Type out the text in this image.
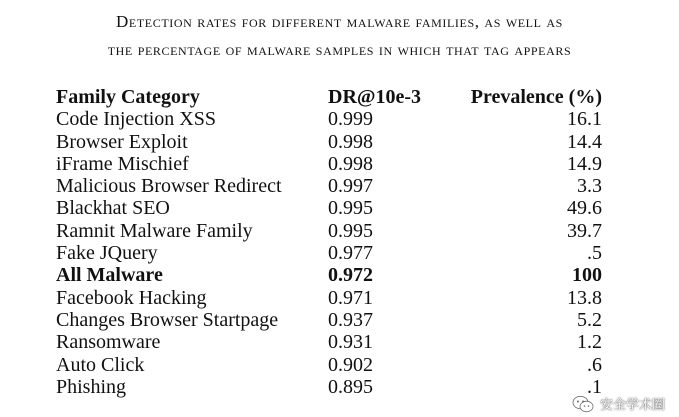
Detection rates for different malware families, as well as
the percentage of malware samples in which that tag appears
Family Category	DR@10e-3	Prevalence (%)
Code Injection XSS	0.999	16.1
Browser Exploit	0.998	14.4
iFrame Mischief	0.998	14.9
Malicious Browser Redirect	0.997	3.3
Blackhat SEO	0.995	49.6
Ramnit Malware Family	0.995	39.7
Fake JQuery	0.977	.5
All Malware	0.972	100
Facebook Hacking	0.971	13.8
Changes Browser Startpage	0.937	5.2
Ransomware	0.931	1.2
Auto Click	0.902	.6
Phishing	0.895	.1
安全学术圈
